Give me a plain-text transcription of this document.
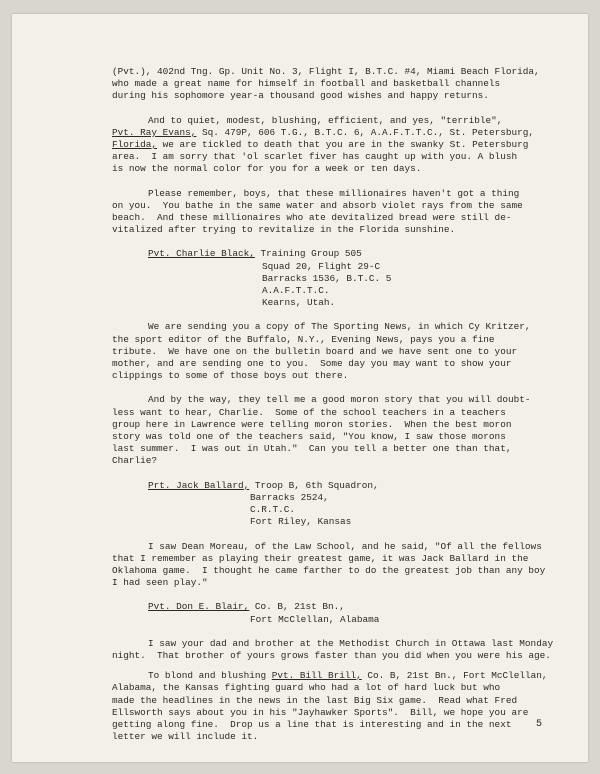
(Pvt.), 402nd Tng. Gp. Unit No. 3, Flight I, B.T.C. #4, Miami Beach Florida,
who made a great name for himself in football and basketball channels
during his sophomore year-a thousand good wishes and happy returns.
And to quiet, modest, blushing, efficient, and yes, "terrible",
Pvt. Ray Evans, Sq. 479P, 606 T.G., B.T.C. 6, A.A.F.T.T.C., St. Petersburg,
Florida, we are tickled to death that you are in the swanky St. Petersburg
area.  I am sorry that 'ol scarlet fiver has caught up with you. A blush
is now the normal color for you for a week or ten days.
Please remember, boys, that these millionaires haven't got a thing
on you.  You bathe in the same water and absorb violet rays from the same
beach.  And these millionaires who ate devitalized bread were still de-
vitalized after trying to revitalize in the Florida sunshine.
Pvt. Charlie Black, Training Group 505
Squad 20, Flight 29-C
Barracks 1536, B.T.C. 5
A.A.F.T.T.C.
Kearns, Utah.
We are sending you a copy of The Sporting News, in which Cy Kritzer,
the sport editor of the Buffalo, N.Y., Evening News, pays you a fine
tribute.  We have one on the bulletin board and we have sent one to your
mother, and are sending one to you.  Some day you may want to show your
clippings to some of those boys out there.
And by the way, they tell me a good moron story that you will doubt-
less want to hear, Charlie.  Some of the school teachers in a teachers
group here in Lawrence were telling moron stories.  When the best moron
story was told one of the teachers said, "You know, I saw those morons
last summer.  I was out in Utah."  Can you tell a better one than that,
Charlie?
Prt. Jack Ballard, Troop B, 6th Squadron,
Barracks 2524,
C.R.T.C.
Fort Riley, Kansas
I saw Dean Moreau, of the Law School, and he said, "Of all the fellows
that I remember as playing their greatest game, it was Jack Ballard in the
Oklahoma game.  I thought he came farther to do the greatest job than any boy
I had seen play."
Pvt. Don E. Blair, Co. B, 21st Bn.,
Fort McClellan, Alabama
I saw your dad and brother at the Methodist Church in Ottawa last Monday
night.  That brother of yours grows faster than you did when you were his age.
To blond and blushing Pvt. Bill Brill, Co. B, 21st Bn., Fort McClellan,
Alabama, the Kansas fighting guard who had a lot of hard luck but who
made the headlines in the news in the last Big Six game.  Read what Fred
Ellsworth says about you in his "Jayhawker Sports".  Bill, we hope you are
getting along fine.  Drop us a line that is interesting and in the next
letter we will include it.
5
